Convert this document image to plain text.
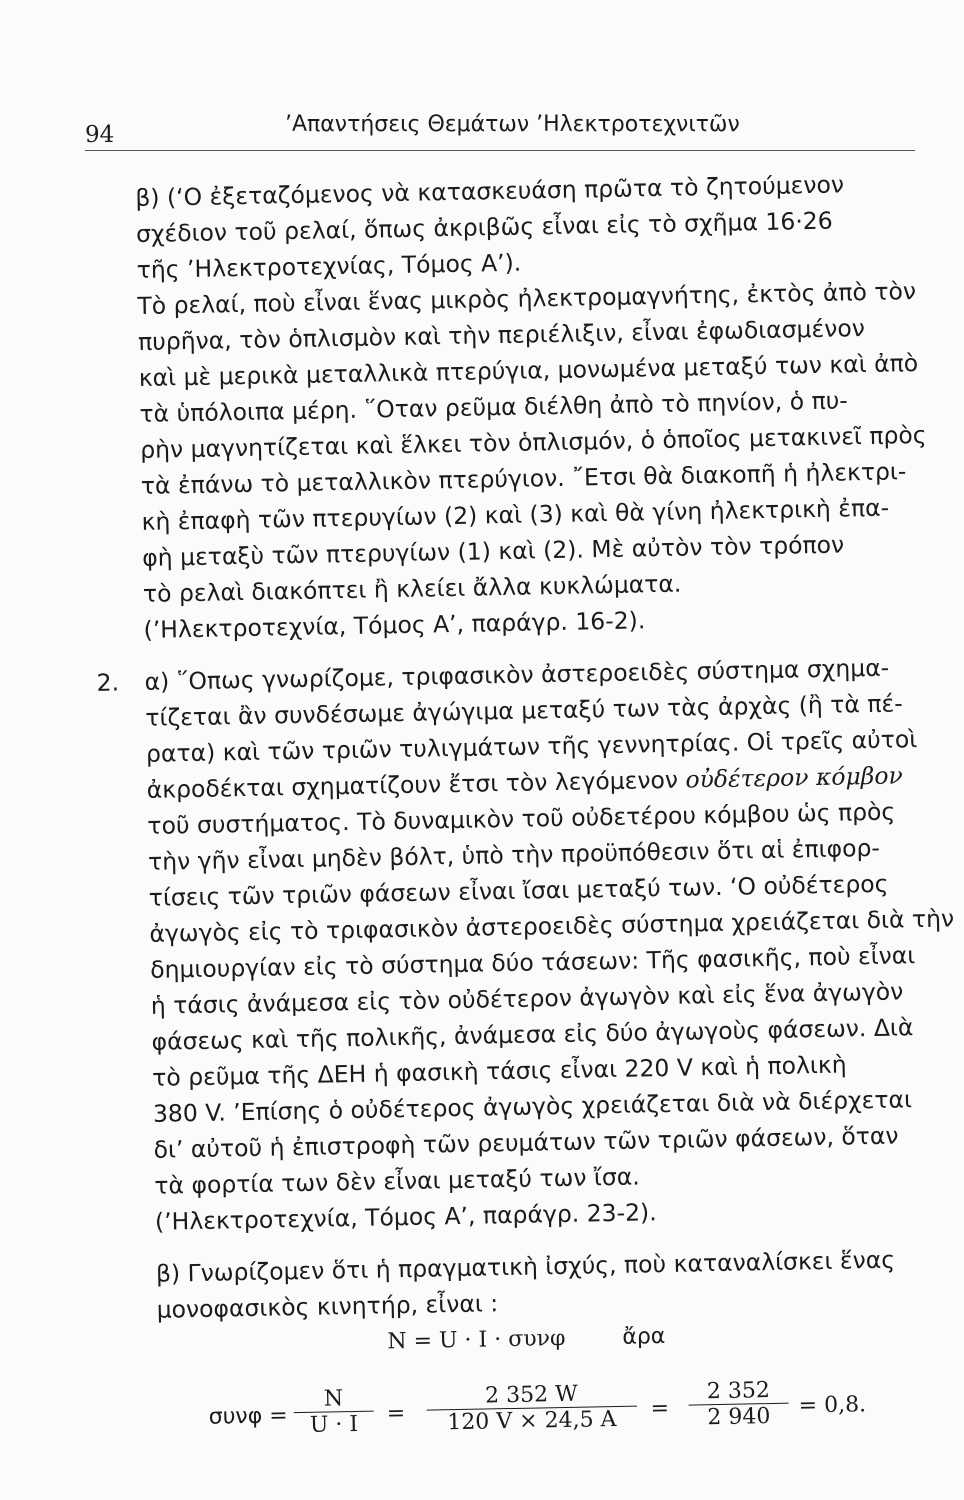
94	’Απαντήσεις Θεμάτων ’Ηλεκτροτεχνιτῶν
β) (‘Ο ἐξεταζόμενος νὰ κατασκευάση πρῶτα τὸ ζητούμενον
σχέδιον τοῦ ρελαί, ὅπως ἀκριβῶς εἶναι εἰς τὸ σχῆμα 16·26
τῆς ’Ηλεκτροτεχνίας, Τόμος Α’).
Τὸ ρελαί, ποὺ εἶναι ἕνας μικρὸς ἠλεκτρομαγνήτης, ἐκτὸς ἀπὸ τὸν
πυρῆνα, τὸν ὁπλισμὸν καὶ τὴν περιέλιξιν, εἶναι ἐφωδιασμένον
καὶ μὲ μερικὰ μεταλλικὰ πτερύγια, μονωμένα μεταξύ των καὶ ἀπὸ
τὰ ὑπόλοιπα μέρη. ῞Οταν ρεῦμα διέλθη ἀπὸ τὸ πηνίον, ὁ πυ-
ρὴν μαγνητίζεται καὶ ἕλκει τὸν ὁπλισμόν, ὁ ὁποῖος μετακινεῖ πρὸς
τὰ ἐπάνω τὸ μεταλλικὸν πτερύγιον. ῎Ετσι θὰ διακοπῆ ἡ ἠλεκτρι-
κὴ ἐπαφὴ τῶν πτερυγίων (2) καὶ (3) καὶ θὰ γίνη ἠλεκτρικὴ ἐπα-
φὴ μεταξὺ τῶν πτερυγίων (1) καὶ (2). Μὲ αὐτὸν τὸν τρόπον
τὸ ρελαὶ διακόπτει ἢ κλείει ἄλλα κυκλώματα.
(’Ηλεκτροτεχνία, Τόμος Α’, παράγρ. 16-2).
2. α) ῞Οπως γνωρίζομε, τριφασικὸν ἀστεροειδὲς σύστημα σχημα-
τίζεται ἂν συνδέσωμε ἀγώγιμα μεταξύ των τὰς ἀρχὰς (ἢ τὰ πέ-
ρατα) καὶ τῶν τριῶν τυλιγμάτων τῆς γεννητρίας. Οἱ τρεῖς αὐτοὶ
ἀκροδέκται σχηματίζουν ἔτσι τὸν λεγόμενον οὐδέτερον κόμβον
τοῦ συστήματος. Τὸ δυναμικὸν τοῦ οὐδετέρου κόμβου ὡς πρὸς
τὴν γῆν εἶναι μηδὲν βόλτ, ὑπὸ τὴν προϋπόθεσιν ὅτι αἱ ἐπιφορ-
τίσεις τῶν τριῶν φάσεων εἶναι ἴσαι μεταξύ των. ‘Ο οὐδέτερος
ἀγωγὸς εἰς τὸ τριφασικὸν ἀστεροειδὲς σύστημα χρειάζεται διὰ τὴν
δημιουργίαν εἰς τὸ σύστημα δύο τάσεων: Τῆς φασικῆς, ποὺ εἶναι
ἡ τάσις ἀνάμεσα εἰς τὸν οὐδέτερον ἀγωγὸν καὶ εἰς ἕνα ἀγωγὸν
φάσεως καὶ τῆς πολικῆς, ἀνάμεσα εἰς δύο ἀγωγοὺς φάσεων. Διὰ
τὸ ρεῦμα τῆς ΔΕΗ ἡ φασικὴ τάσις εἶναι 220 V καὶ ἡ πολικὴ
380 V. ’Επίσης ὁ οὐδέτερος ἀγωγὸς χρειάζεται διὰ νὰ διέρχεται
δι’ αὐτοῦ ἡ ἐπιστροφὴ τῶν ρευμάτων τῶν τριῶν φάσεων, ὅταν
τὰ φορτία των δὲν εἶναι μεταξύ των ἴσα.
(’Ηλεκτροτεχνία, Τόμος Α’, παράγρ. 23-2).
β) Γνωρίζομεν ὅτι ἡ πραγματικὴ ἰσχύς, ποὺ καταναλίσκει ἕνας
μονοφασικὸς κινητήρ, εἶναι :
N = U · I · συνφ	ἄρα
$\sigma\upsilon\nu\varphi = \frac{N}{U \cdot I} = \frac{2 352 W}{120 V \times 24,5 A} = \frac{2 352}{2 940} = 0,8$.
